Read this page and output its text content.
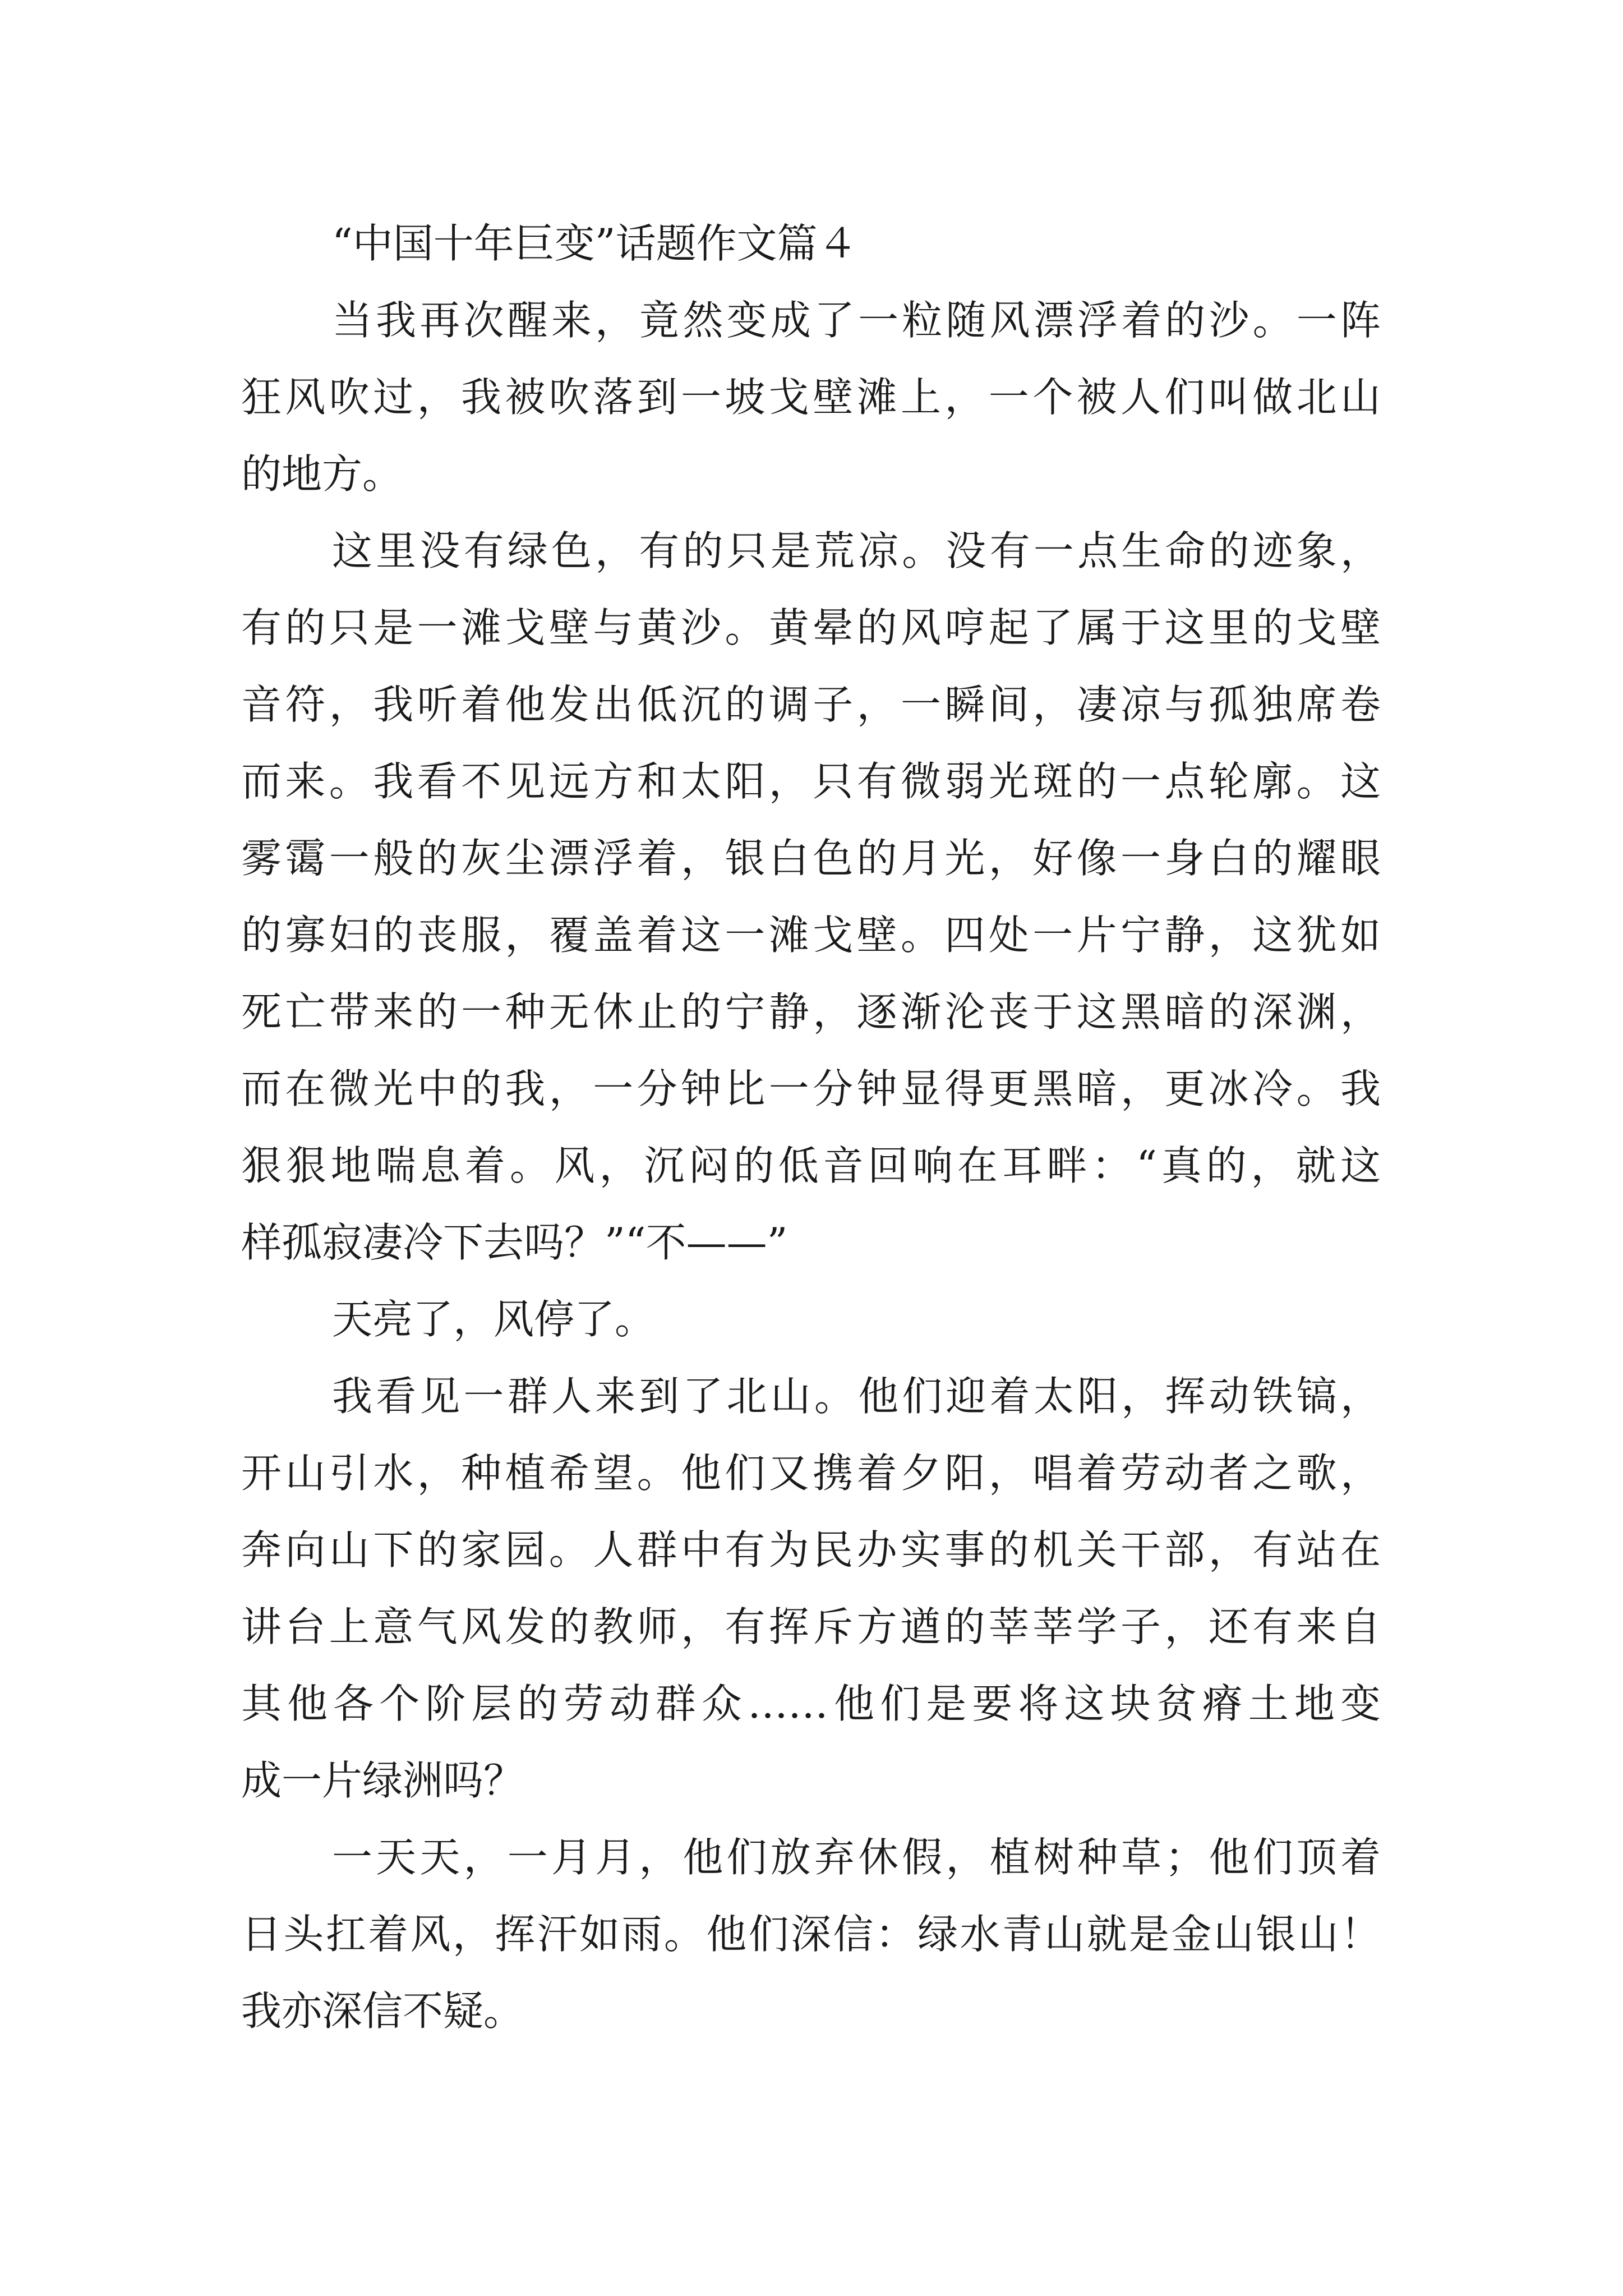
“中国十年巨变”话题作文篇４
当我再次醒来，竟然变成了一粒随风漂浮着的沙。一阵
狂风吹过，我被吹落到一坡戈壁滩上，一个被人们叫做北山
的地方。
这里没有绿色，有的只是荒凉。没有一点生命的迹象，
有的只是一滩戈壁与黄沙。黄晕的风哼起了属于这里的戈壁
音符，我听着他发出低沉的调子，一瞬间，凄凉与孤独席卷
而来。我看不见远方和太阳，只有微弱光斑的一点轮廓。这
雾霭一般的灰尘漂浮着，银白色的月光，好像一身白的耀眼
的寡妇的丧服，覆盖着这一滩戈壁。四处一片宁静，这犹如
死亡带来的一种无休止的宁静，逐渐沦丧于这黑暗的深渊，
而在微光中的我，一分钟比一分钟显得更黑暗，更冰冷。我
狠狠地喘息着。风，沉闷的低音回响在耳畔：“真的，就这
样孤寂凄冷下去吗？”“不——”
天亮了，风停了。
我看见一群人来到了北山。他们迎着太阳，挥动铁镐，
开山引水，种植希望。他们又携着夕阳，唱着劳动者之歌，
奔向山下的家园。人群中有为民办实事的机关干部，有站在
讲台上意气风发的教师，有挥斥方遒的莘莘学子，还有来自
其他各个阶层的劳动群众……他们是要将这块贫瘠土地变
成一片绿洲吗？
一天天，一月月，他们放弃休假，植树种草；他们顶着
日头扛着风，挥汗如雨。他们深信：绿水青山就是金山银山！
我亦深信不疑。
